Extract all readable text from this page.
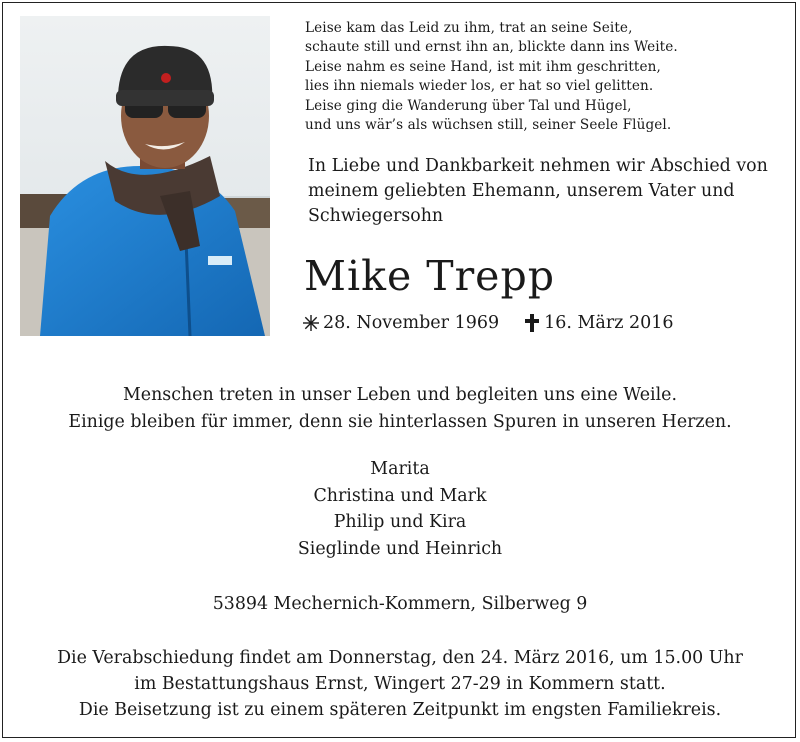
Leise kam das Leid zu ihm, trat an seine Seite,
schaute still und ernst ihn an, blickte dann ins Weite.
Leise nahm es seine Hand, ist mit ihm geschritten,
lies ihn niemals wieder los, er hat so viel gelitten.
Leise ging die Wanderung über Tal und Hügel,
und uns wär’s als wüchsen still, seiner Seele Flügel.
In Liebe und Dankbarkeit nehmen wir Abschied von
meinem geliebten Ehemann, unserem Vater und
Schwiegersohn
Mike Trepp
28. November 1969	16. März 2016
Menschen treten in unser Leben und begleiten uns eine Weile.
Einige bleiben für immer, denn sie hinterlassen Spuren in unseren Herzen.
Marita
Christina und Mark
Philip und Kira
Sieglinde und Heinrich
53894 Mechernich-Kommern, Silberweg 9
Die Verabschiedung findet am Donnerstag, den 24. März 2016, um 15.00 Uhr
im Bestattungshaus Ernst, Wingert 27-29 in Kommern statt.
Die Beisetzung ist zu einem späteren Zeitpunkt im engsten Familiekreis.
